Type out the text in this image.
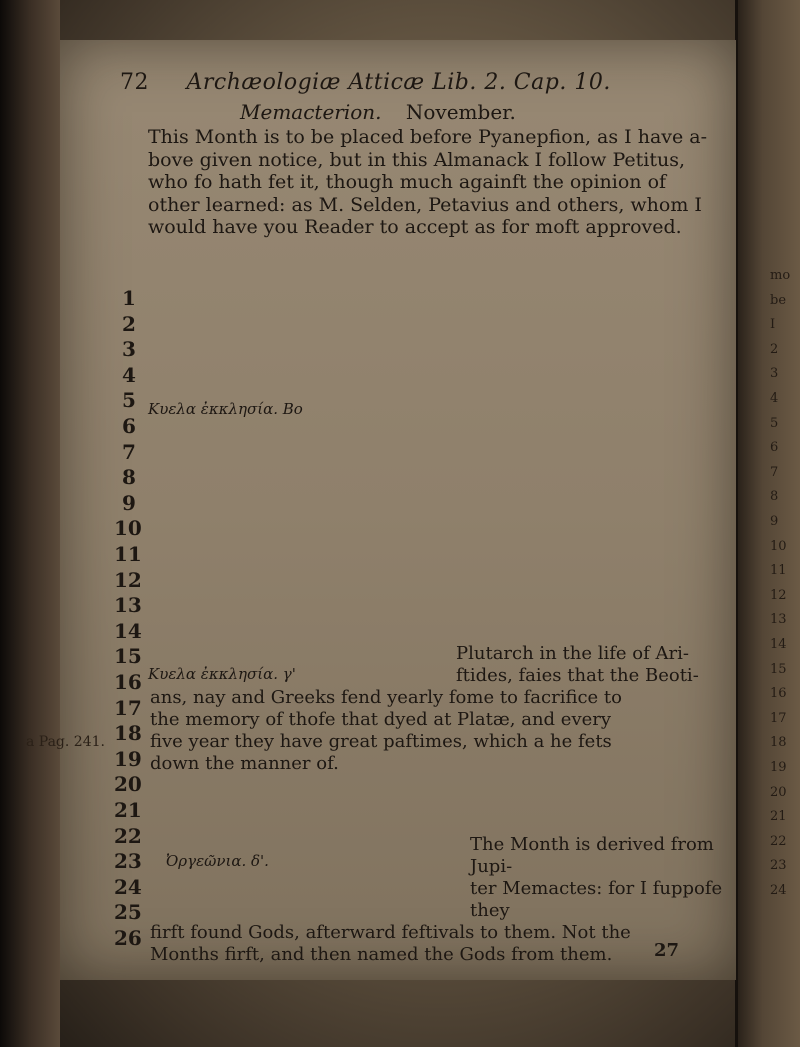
72 Archæologiæ Atticæ Lib. 2. Cap. 10.
Memacterion. November.

This Month is to be placed before Pyanepfion, as I have a-

bove given notice, but in this Almanack I follow Petitus,

who fo hath fet it, though much againft the opinion of

other learned: as M. Selden, Petavius and others, whom I

would have you Reader to accept as for moft approved.

1
2
3
4
5
6
7
8
9
10
11
12
13
14
15
16
17
18
19
20
21
22
23
24
25
26
Κυελα ἐκκλησία. Βο
Κυελα ἐκκλησία. γ'
Ὀργεῶνια. δ'.

Plutarch in the life of Ari-

ftides, faies that the Beoti-

ans, nay and Greeks fend yearly fome to facrifice to

the memory of thofe that dyed at Platæ, and every

five year they have great paftimes, which a he fets

down the manner of.

The Month is derived from Jupi-

ter Memactes: for I fuppofe they

firft found Gods, afterward feftivals to them. Not the

Months firft, and then named the Gods from them.

a Pag. 241.
27
mo
be
I
2
3
4
5
6
7
8
9
10
11
12
13
14
15
16
17
18
19
20
21
22
23
24
